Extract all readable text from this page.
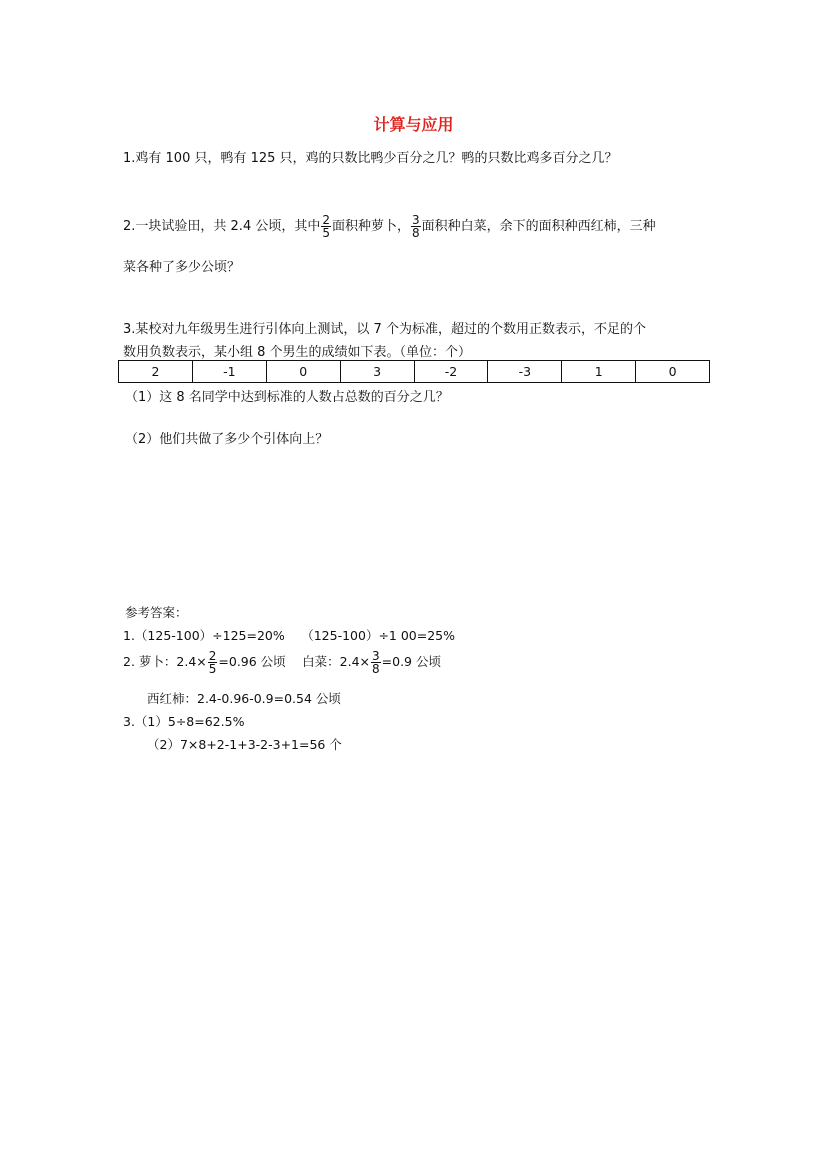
计算与应用
1.鸡有 100 只，鸭有 125 只，鸡的只数比鸭少百分之几？鸭的只数比鸡多百分之几？
2.一块试验田，共 2.4 公顷，其中 $\frac{2}{5}$ 面积种萝卜， $\frac{3}{8}$ 面积种白菜，余下的面积种西红柿，三种
菜各种了多少公顷？
3.某校对九年级男生进行引体向上测试，以 7 个为标准，超过的个数用正数表示，不足的个
数用负数表示，某小组 8 个男生的成绩如下表。（单位：个）
2	-1	0	3	-2	-3	1	0
（1）这 8 名同学中达到标准的人数占总数的百分之几？
（2）他们共做了多少个引体向上？
参考答案：
1.（125-100）÷125=20%　 （125-100）÷1 00=25%
2. 萝卜：$2.4\times \frac{2}{5} =0.96$ 公顷　 白菜：$2.4\times \frac{3}{8} =0.9$ 公顷
西红柿：2.4-0.96-0.9=0.54 公顷
3.（1）5÷8=62.5%
（2）7×8+2-1+3-2-3+1=56 个
